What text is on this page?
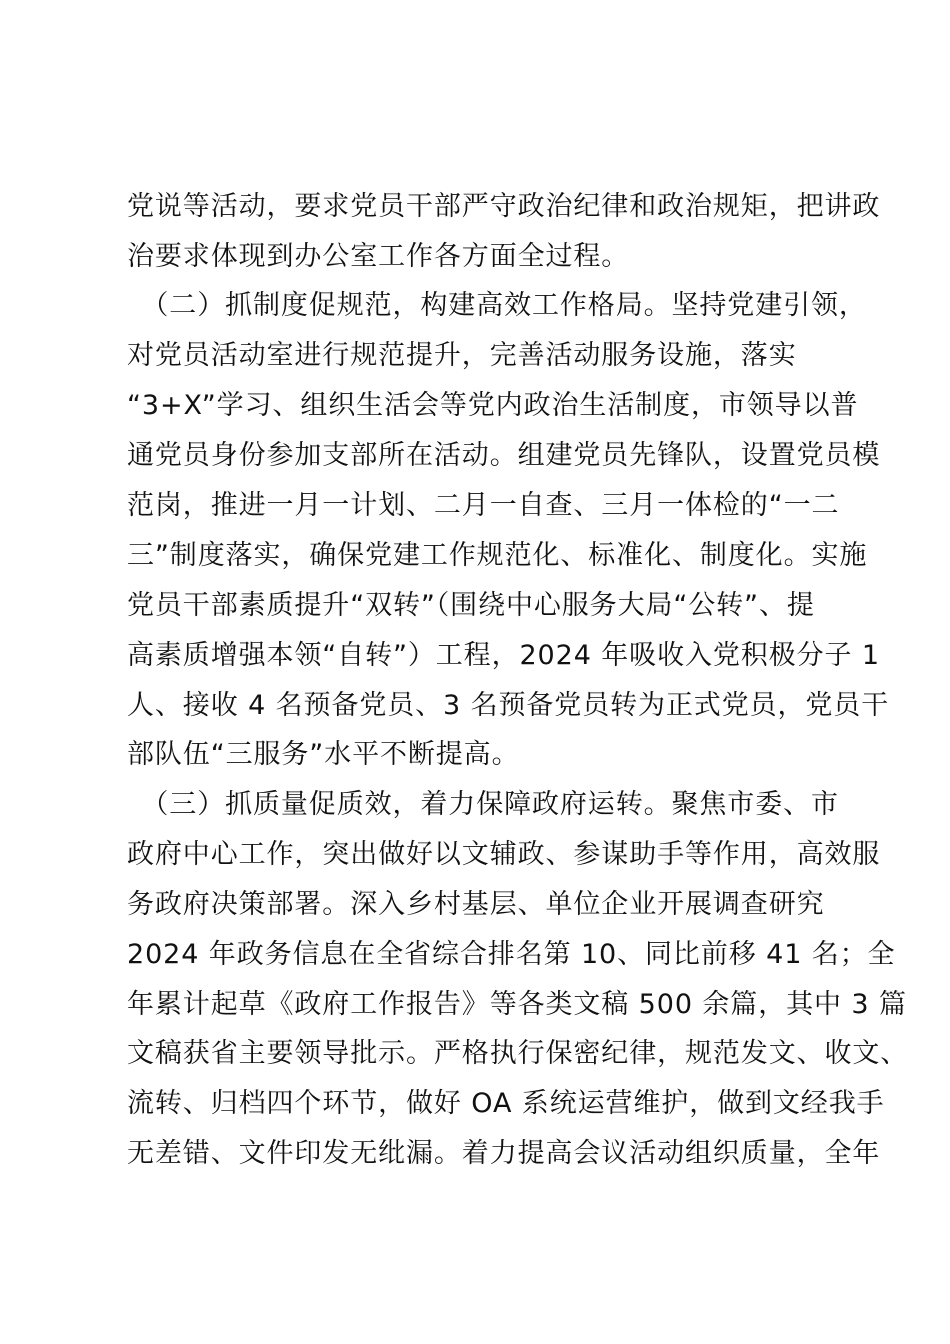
党说等活动，要求党员干部严守政治纪律和政治规矩，把讲政
治要求体现到办公室工作各方面全过程。
　（二）抓制度促规范，构建高效工作格局。坚持党建引领，
对党员活动室进行规范提升，完善活动服务设施，落实
“3+X”学习、组织生活会等党内政治生活制度，市领导以普
通党员身份参加支部所在活动。组建党员先锋队，设置党员模
范岗，推进一月一计划、二月一自查、三月一体检的“一二
三”制度落实，确保党建工作规范化、标准化、制度化。实施
党员干部素质提升“双转”（围绕中心服务大局“公转”、提
高素质增强本领“自转”）工程，2024 年吸收入党积极分子 1
人、接收 4 名预备党员、3 名预备党员转为正式党员，党员干
部队伍“三服务”水平不断提高。
　（三）抓质量促质效，着力保障政府运转。聚焦市委、市
政府中心工作，突出做好以文辅政、参谋助手等作用，高效服
务政府决策部署。深入乡村基层、单位企业开展调查研究
2024 年政务信息在全省综合排名第 10、同比前移 41 名；全
年累计起草《政府工作报告》等各类文稿 500 余篇，其中 3 篇
文稿获省主要领导批示。严格执行保密纪律，规范发文、收文、
流转、归档四个环节，做好 OA 系统运营维护，做到文经我手
无差错、文件印发无纰漏。着力提高会议活动组织质量，全年
